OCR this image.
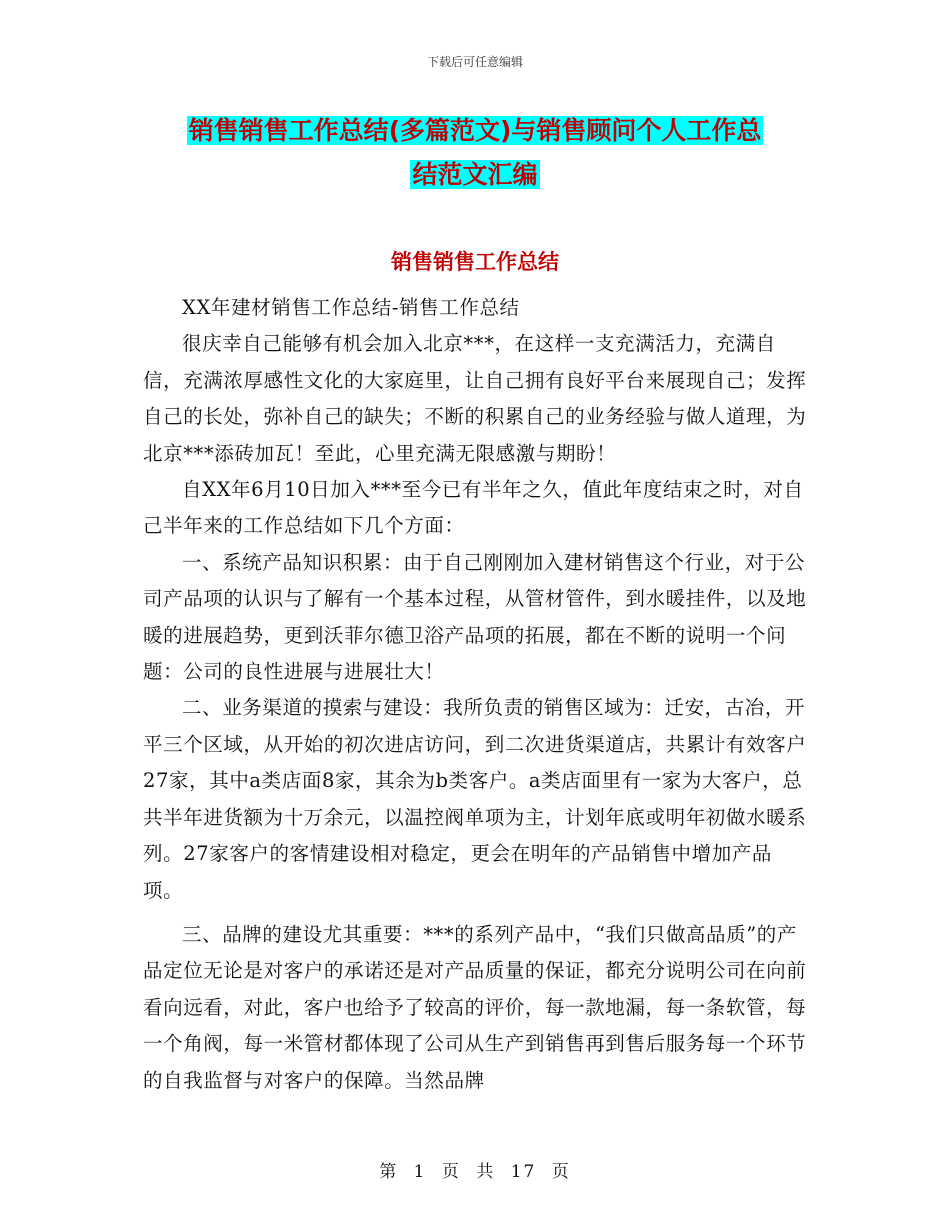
下载后可任意编辑
销售销售工作总结(多篇范文)与销售顾问个人工作总
结范文汇编
销售销售工作总结

XX年建材销售工作总结-销售工作总结

很庆幸自己能够有机会加入北京***，在这样一支充满活力，充满自信，充满浓厚感性文化的大家庭里，让自己拥有良好平台来展现自己；发挥自己的长处，弥补自己的缺失；不断的积累自己的业务经验与做人道理，为北京***添砖加瓦！至此，心里充满无限感激与期盼！

自XX年6月10日加入***至今已有半年之久，值此年度结束之时，对自己半年来的工作总结如下几个方面：

一、系统产品知识积累：由于自己刚刚加入建材销售这个行业，对于公司产品项的认识与了解有一个基本过程，从管材管件，到水暖挂件，以及地暖的进展趋势，更到沃菲尔德卫浴产品项的拓展，都在不断的说明一个问题：公司的良性进展与进展壮大！

二、业务渠道的摸索与建设：我所负责的销售区域为：迁安，古冶，开平三个区域，从开始的初次进店访问，到二次进货渠道店，共累计有效客户27家，其中a类店面8家，其余为b类客户。a类店面里有一家为大客户，总共半年进货额为十万余元，以温控阀单项为主，计划年底或明年初做水暖系列。27家客户的客情建设相对稳定，更会在明年的产品销售中增加产品项。

三、品牌的建设尤其重要：***的系列产品中，“我们只做高品质”的产品定位无论是对客户的承诺还是对产品质量的保证，都充分说明公司在向前看向远看，对此，客户也给予了较高的评价，每一款地漏，每一条软管，每一个角阀，每一米管材都体现了公司从生产到销售再到售后服务每一个环节的自我监督与对客户的保障。当然品牌

第 1 页 共 17 页
